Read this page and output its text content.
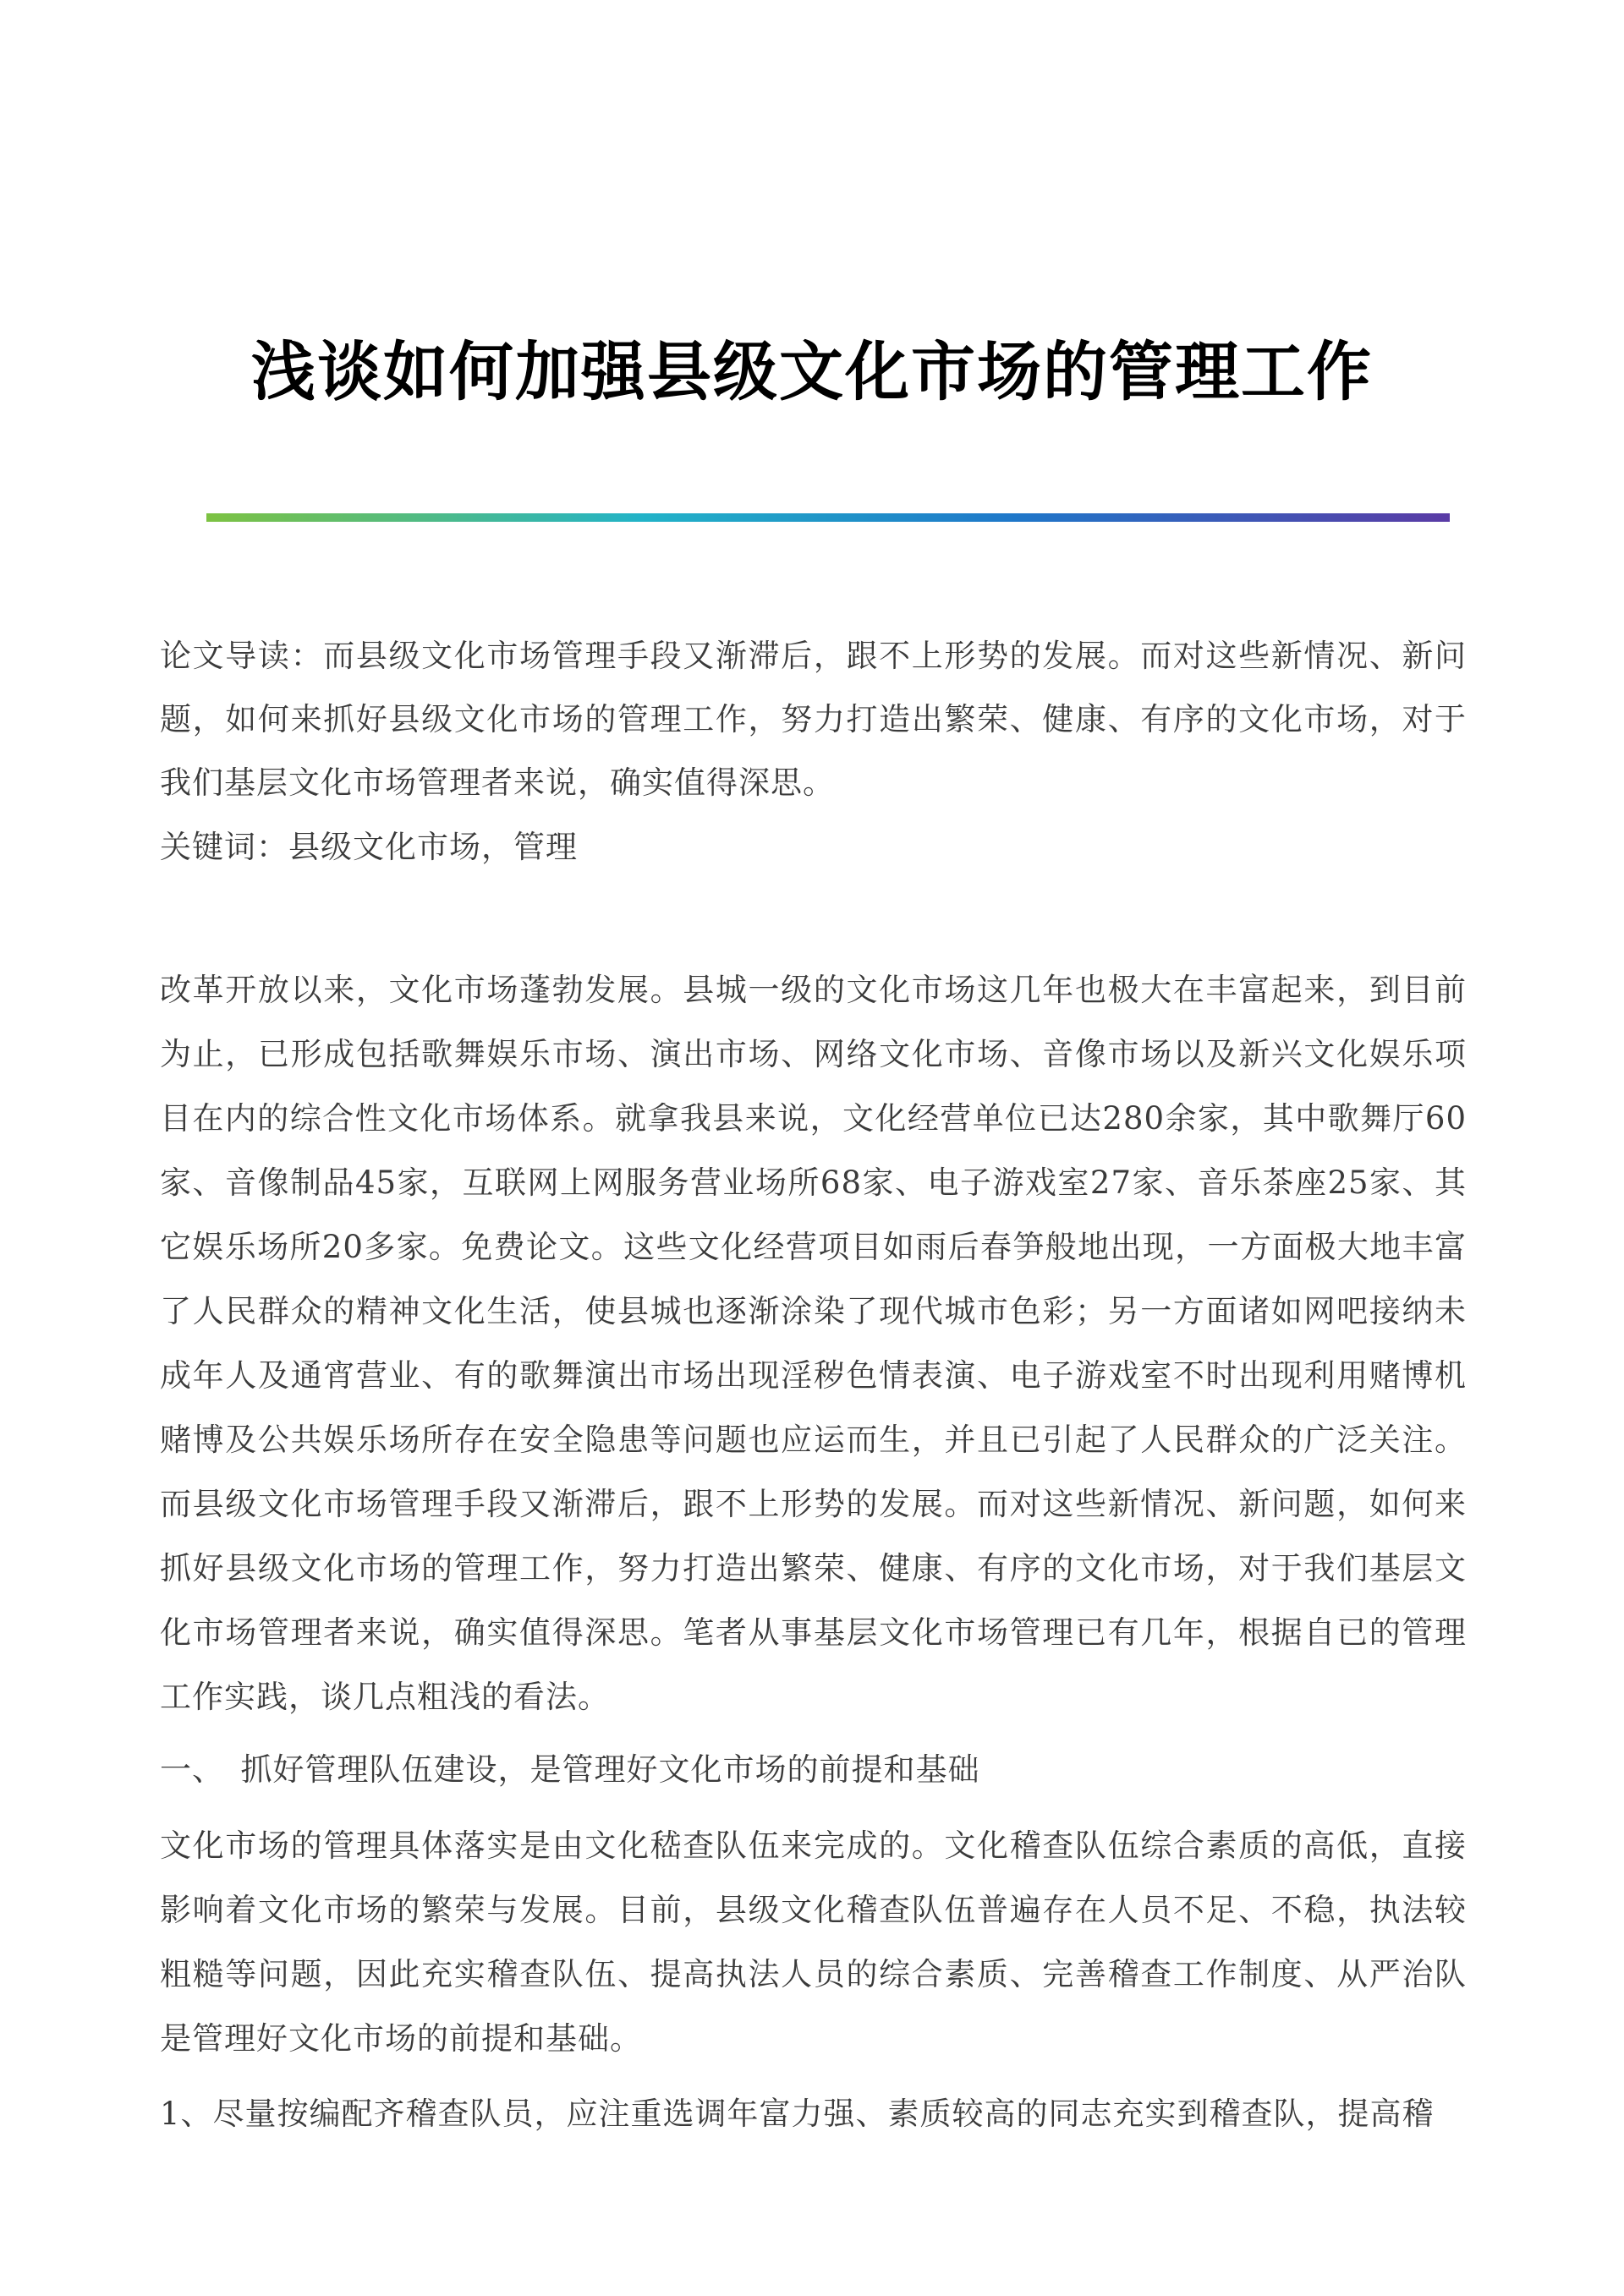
浅谈如何加强县级文化市场的管理工作
论文导读：而县级文化市场管理手段又渐滞后，跟不上形势的发展。而对这些新情况、新问题，如何来抓好县级文化市场的管理工作，努力打造出繁荣、健康、有序的文化市场，对于我们基层文化市场管理者来说，确实值得深思。
关键词：县级文化市场，管理
改革开放以来，文化市场蓬勃发展。县城一级的文化市场这几年也极大在丰富起来，到目前为止，已形成包括歌舞娱乐市场、演出市场、网络文化市场、音像市场以及新兴文化娱乐项目在内的综合性文化市场体系。就拿我县来说，文化经营单位已达280余家，其中歌舞厅60家、音像制品45家，互联网上网服务营业场所68家、电子游戏室27家、音乐茶座25家、其它娱乐场所20多家。免费论文。这些文化经营项目如雨后春笋般地出现，一方面极大地丰富了人民群众的精神文化生活，使县城也逐渐涂染了现代城市色彩；另一方面诸如网吧接纳未成年人及通宵营业、有的歌舞演出市场出现淫秽色情表演、电子游戏室不时出现利用赌博机赌博及公共娱乐场所存在安全隐患等问题也应运而生，并且已引起了人民群众的广泛关注。而县级文化市场管理手段又渐滞后，跟不上形势的发展。而对这些新情况、新问题，如何来抓好县级文化市场的管理工作，努力打造出繁荣、健康、有序的文化市场，对于我们基层文化市场管理者来说，确实值得深思。笔者从事基层文化市场管理已有几年，根据自已的管理工作实践，谈几点粗浅的看法。
一、　抓好管理队伍建设，是管理好文化市场的前提和基础
文化市场的管理具体落实是由文化嵇查队伍来完成的。文化稽查队伍综合素质的高低，直接影响着文化市场的繁荣与发展。目前，县级文化稽查队伍普遍存在人员不足、不稳，执法较粗糙等问题，因此充实稽查队伍、提高执法人员的综合素质、完善稽查工作制度、从严治队是管理好文化市场的前提和基础。
1、尽量按编配齐稽查队员，应注重选调年富力强、素质较高的同志充实到稽查队，提高稽
